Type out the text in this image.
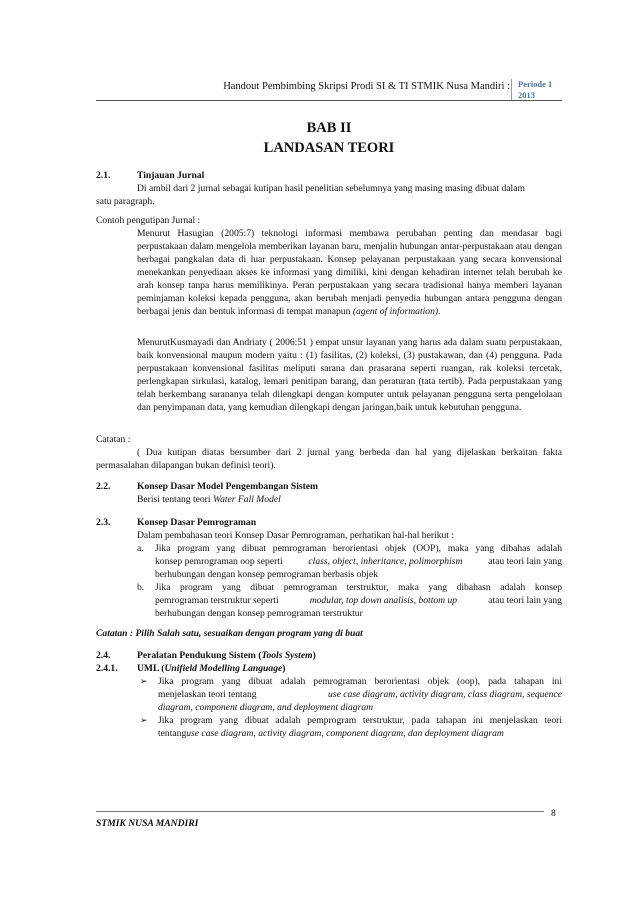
Handout Pembimbing Skripsi Prodi SI & TI STMIK Nusa Mandiri : Periode 1
2013
BAB II
LANDASAN TEORI
2.1.	Tinjauan Jurnal
Di ambil dari 2 jurnal sebagai kutipan hasil penelitian sebelumnya yang masing masing dibuat dalam
satu paragraph.
Contoh pengutipan Jurnal :
Menurut Hasugian (2005:7) teknologi informasi membawa perubahan penting dan mendasar bagi perpustakaan dalam mengelola memberikan layanan baru, menjalin hubungan antar-perpustakaan atau dengan berbagai pangkalan data di luar perpustakaan. Konsep pelayanan perpustakaan yang secara konvensional menekankan penyediaan akses ke informasi yang dimiliki, kini dengan kehadiran internet telah berubah ke arah konsep tanpa harus memilikinya. Peran perpustakaan yang secara tradisional hanya memberi layanan peminjaman koleksi kepada pengguna, akan berubah menjadi penyedia hubungan antara pengguna dengan berbagai jenis dan bentuk informasi di tempat manapun (agent of information).
MenurutKusmayadi dan Andriaty ( 2006:51 ) empat unsur layanan yang harus ada dalam suatu perpustakaan, baik konvensional maupun modern yaitu : (1) fasilitas, (2) koleksi, (3) pustakawan, dan (4) pengguna. Pada perpustakaan konvensional fasilitas meliputi sarana dan prasarana seperti ruangan, rak koleksi tercetak, perlengkapan sirkulasi, katalog, lemari penitipan barang, dan peraturan (tata tertib). Pada perpustakaan yang telah berkembang sarananya telah dilengkapi dengan komputer untuk pelayanan pengguna serta pengelolaan dan penyimpanan data, yang kemudian dilengkapi dengan jaringan,baik untuk kebutuhan pengguna.
Catatan :
( Dua kutipan diatas bersumber dari 2 jurnal yang berbeda dan hal yang dijelaskan berkaitan fakta
permasalahan dilapangan bukan definisi teori).
2.2.	Konsep Dasar Model Pengembangan Sistem
Berisi tentang teori Water Fall Model
2.3.	Konsep Dasar Pemrograman
Dalam pembahasan teori Konsep Dasar Pemrograman, perhatikan hal-hal berikut :
a. Jika program yang dibuat pemrograman berorientasi objek (OOP), maka yang dibahas adalah
konsep pemrograman oop seperti	class, object, inheritance, polimorphism	atau teori lain yang
berhubungan dengan konsep pemrograman berbasis objek
b. Jika program yang dibuat pemrograman terstruktur, maka yang dibahasn adalah konsep
pemrograman terstruktur seperti	modular, top down analisis, bottom up	atau teori lain yang
berhubungan dengan konsep pemrograman terstruktur
Catatan : Pilih Salah satu, sesuaikan dengan program yang di buat
2.4.	Peralatan Pendukung Sistem (Tools System)
2.4.1. UML (Unifield Modelling Language)
➢ Jika program yang dibuat adalah pemrograman berorientasi objek (oop), pada tahapan ini
menjelaskan teori tentang	use case diagram, activity diagram, class diagram, sequence
diagram, component diagram, and deployment diagram
➢ Jika program yang dibuat adalah pemprogram terstruktur, pada tahapan ini menjelaskan teori
tentanguse case diagram, activity diagram, component diagram, dan deployment diagram
STMIK NUSA MANDIRI
8
